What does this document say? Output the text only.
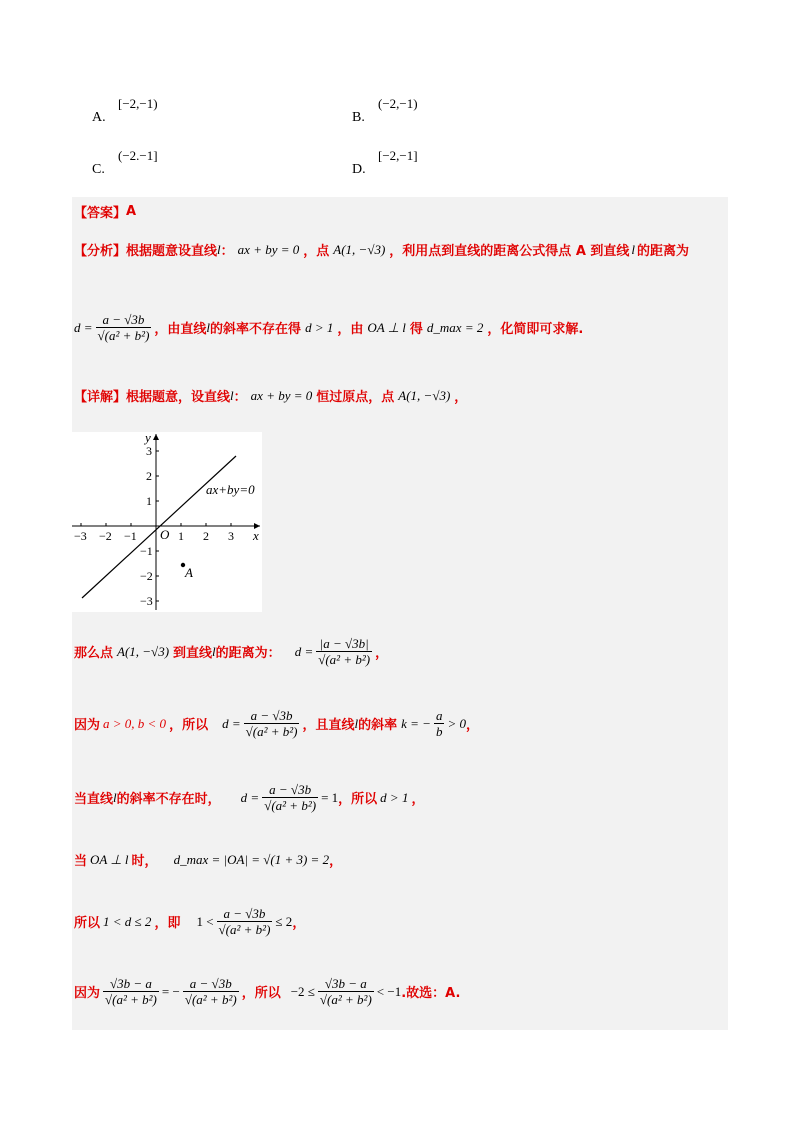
A.
[−2,−1)
B.
(−2,−1)
C.
(−2.−1]
D.
[−2,−1]
【答案】 A
【分析】 根据题意设直线 l ： ax + by = 0 ，点 A(1, −√3) ，利用点到直线的距离公式得点 A 到直线 l 的距离为
$d = \frac{a - √3b}{\text{√(a² + b²)}}$ ，由直线 l 的斜率不存在得 d > 1 ，由 OA ⊥ l 得 d_max = 2 ，化简即可求解.
【详解】 根据题意，设直线 l ： ax + by = 0 恒过原点，点 A(1, −√3) ，
−3 −2 −1	1 2 3
3
2
1
−1
−2
−3
y
x
O
ax+by=0
A
那么点 A(1, −√3) 到直线 l 的距离为： $d = \frac{|a - √3b|}{\text{√(a² + b²)}}$ ，
因为 a > 0, b < 0 ，所以 $d = \frac{a - √3b}{\text{√(a² + b²)}}$ ，且直线 l 的斜率 k = − $\frac{a}{b} > 0$ ，
当直线 l 的斜率不存在时， $d = \frac{a - √3b}{\text{√(a² + b²)}} = 1$ ，所以 d > 1 ，
当 OA ⊥ l 时， d_max = |OA| = √(1 + 3) = 2 ，
所以 1 < d ≤ 2 ，即 $1 < \frac{a - √3b}{\text{√(a² + b²)}} \le 2$ ，
因为 $\frac{√3b - a}{\text{√(a² + b²)}}$ = − $\frac{a - √3b}{\text{√(a² + b²)}}$ ，所以 $-2 \le \frac{√3b - a}{\text{√(a² + b²)}} < -1$ .故选：A.
